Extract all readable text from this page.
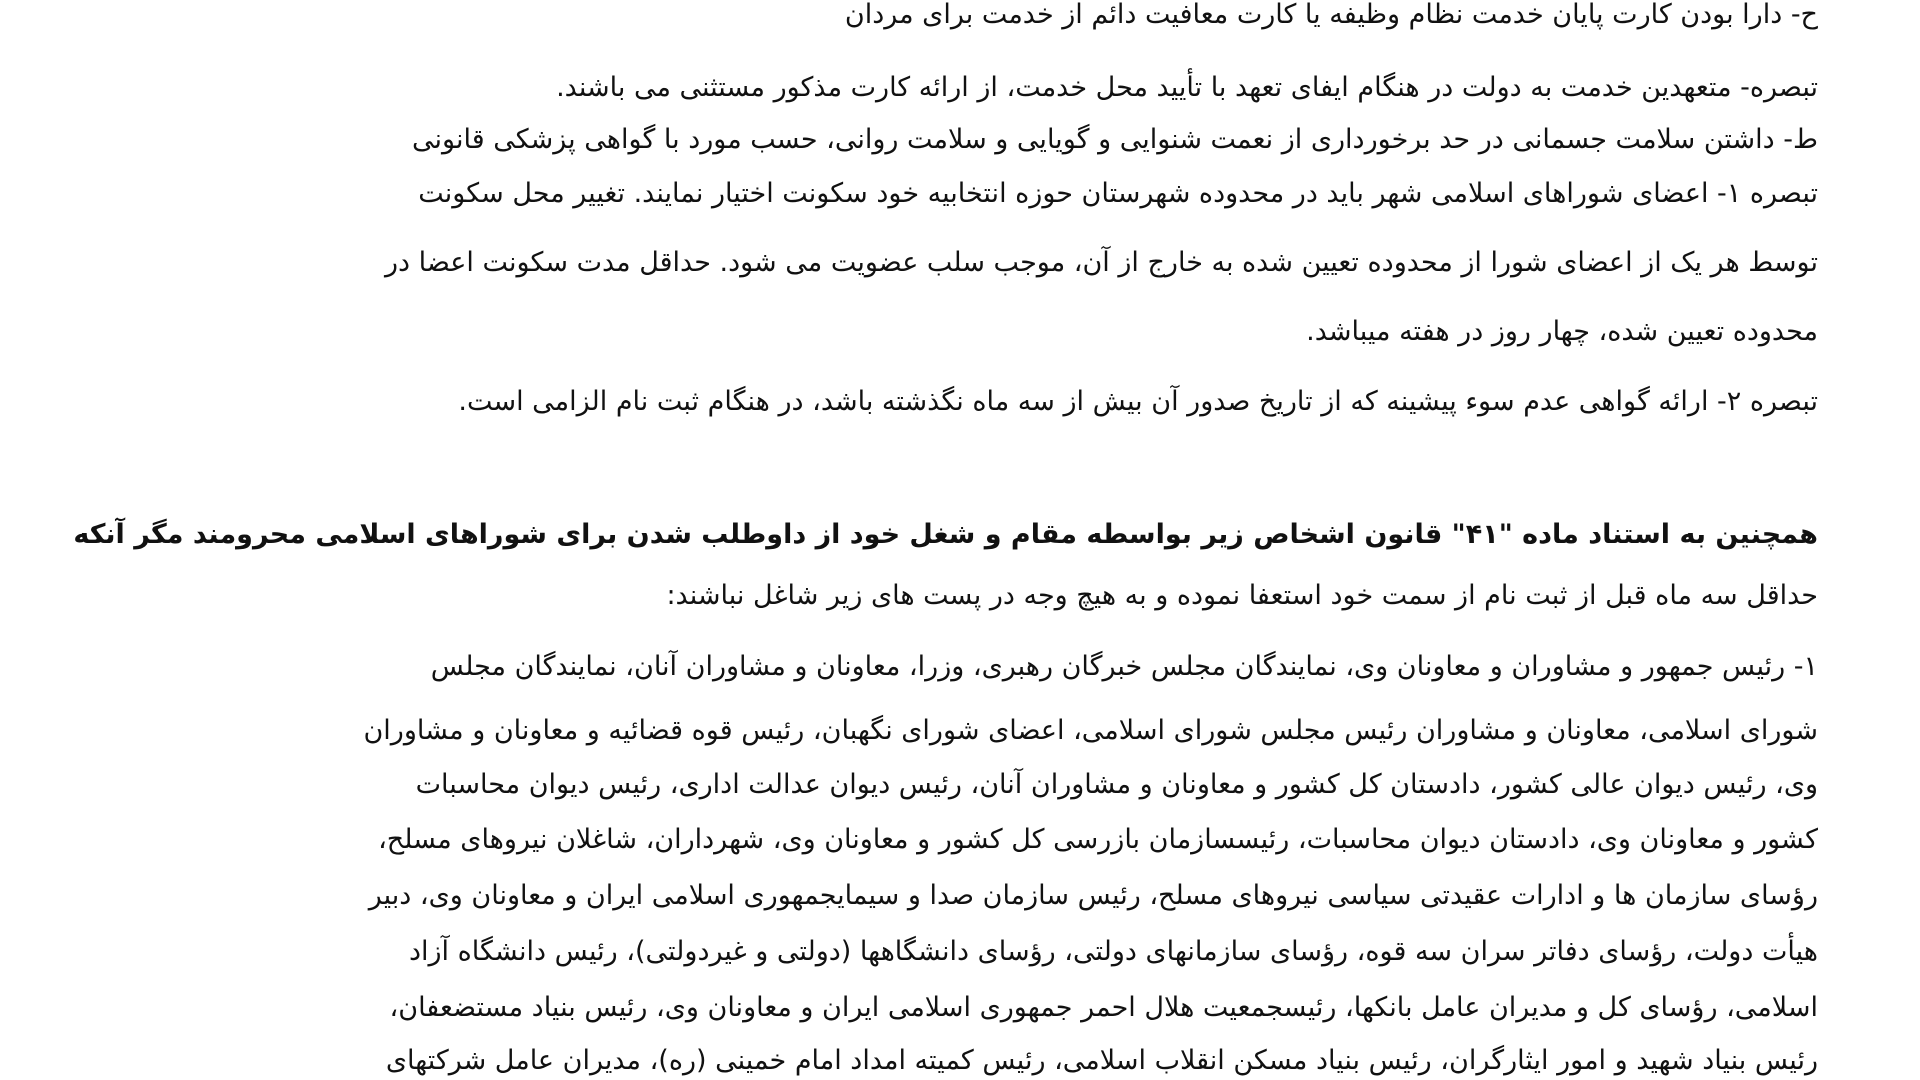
ح- دارا بودن کارت پایان خدمت نظام وظیفه یا کارت معافیت دائم از خدمت برای مردان
تبصره- متعهدین خدمت به دولت در هنگام ایفای تعهد با تأیید محل خدمت، از ارائه کارت مذکور مستثنی می باشند.
ط- داشتن سلامت جسمانی در حد برخورداری از نعمت شنوایی و گویایی و سلامت روانی، حسب مورد با گواهی پزشکی قانونی
تبصره ۱- اعضای شوراهای اسلامی شهر باید در محدوده شهرستان حوزه انتخابیه خود سکونت اختیار نمایند. تغییر محل سکونت
توسط هر یک از اعضای شورا از محدوده تعیین شده به خارج از آن، موجب سلب عضویت می شود. حداقل مدت سکونت اعضا در
محدوده تعیین شده، چهار روز در هفته میباشد.
تبصره ۲- ارائه گواهی عدم سوء پیشینه که از تاریخ صدور آن بیش از سه ماه نگذشته باشد، در هنگام ثبت نام الزامی است.
همچنین به استناد ماده "۴۱" قانون اشخاص زیر بواسطه مقام و شغل خود از داوطلب شدن برای شوراهای اسلامی محرومند مگر آنکه
حداقل سه ماه قبل از ثبت نام از سمت خود استعفا نموده و به هیچ وجه در پست های زیر شاغل نباشند:
۱- رئیس جمهور و مشاوران و معاونان وی، نمایندگان مجلس خبرگان رهبری، وزرا، معاونان و مشاوران آنان، نمایندگان مجلس
شورای اسلامی، معاونان و مشاوران رئیس مجلس شورای اسلامی، اعضای شورای نگهبان، رئیس قوه قضائیه و معاونان و مشاوران
وی، رئیس دیوان عالی کشور، دادستان کل کشور و معاونان و مشاوران آنان، رئیس دیوان عدالت اداری، رئیس دیوان محاسبات
کشور و معاونان وی، دادستان دیوان محاسبات، رئیسسازمان بازرسی کل کشور و معاونان وی، شهرداران، شاغلان نیروهای مسلح،
رؤسای سازمان ها و ادارات عقیدتی سیاسی نیروهای مسلح، رئیس سازمان صدا و سیمایجمهوری اسلامی ایران و معاونان وی، دبیر
هیأت دولت، رؤسای دفاتر سران سه قوه، رؤسای سازمانهای دولتی، رؤسای دانشگاهها (دولتی و غیردولتی)، رئیس دانشگاه آزاد
اسلامی، رؤسای کل و مدیران عامل بانکها، رئیسجمعیت هلال احمر جمهوری اسلامی ایران و معاونان وی، رئیس بنیاد مستضعفان،
رئیس بنیاد شهید و امور ایثارگران، رئیس بنیاد مسکن انقلاب اسلامی، رئیس کمیته امداد امام خمینی (ره)، مدیران عامل شرکتهای
